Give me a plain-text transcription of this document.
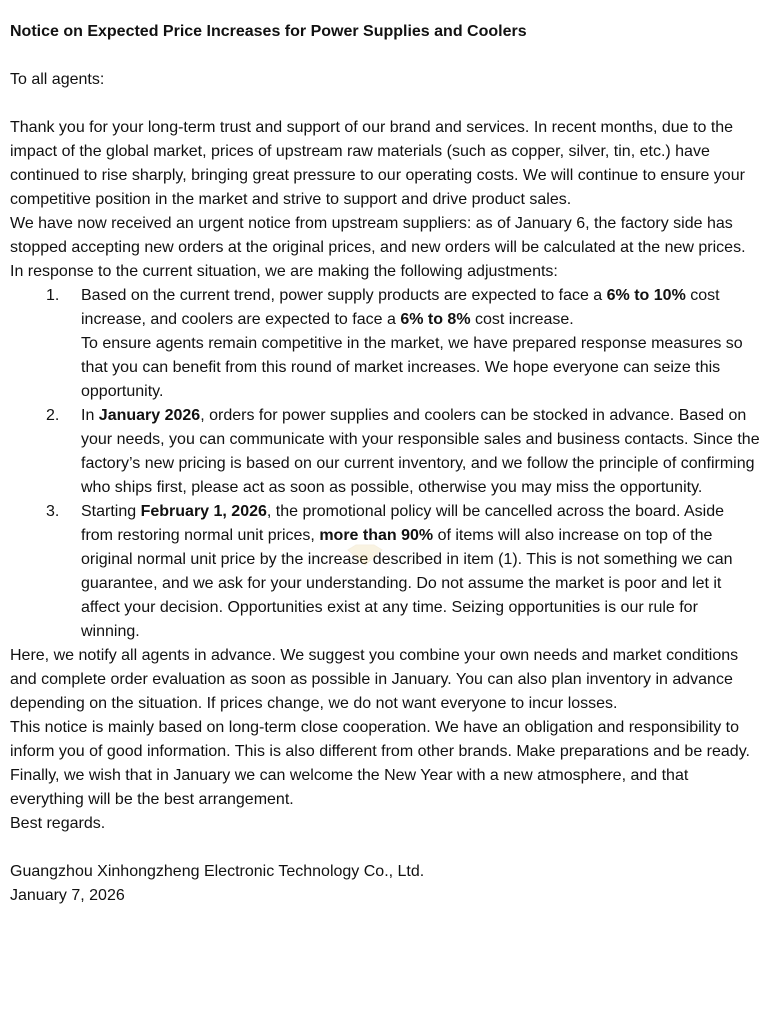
Notice on Expected Price Increases for Power Supplies and Coolers

To all agents:

Thank you for your long-term trust and support of our brand and services. In recent months, due to the impact of the global market, prices of upstream raw materials (such as copper, silver, tin, etc.) have continued to rise sharply, bringing great pressure to our operating costs. We will continue to ensure your competitive position in the market and strive to support and drive product sales.

We have now received an urgent notice from upstream suppliers: as of January 6, the factory side has stopped accepting new orders at the original prices, and new orders will be calculated at the new prices. In response to the current situation, we are making the following adjustments:

1. Based on the current trend, power supply products are expected to face a 6% to 10% cost increase, and coolers are expected to face a 6% to 8% cost increase.
To ensure agents remain competitive in the market, we have prepared response measures so that you can benefit from this round of market increases. We hope everyone can seize this opportunity.
2. In January 2026, orders for power supplies and coolers can be stocked in advance. Based on your needs, you can communicate with your responsible sales and business contacts. Since the factory’s new pricing is based on our current inventory, and we follow the principle of confirming who ships first, please act as soon as possible, otherwise you may miss the opportunity.
3. Starting February 1, 2026, the promotional policy will be cancelled across the board. Aside from restoring normal unit prices, more than 90% of items will also increase on top of the original normal unit price by the increase described in item (1). This is not something we can guarantee, and we ask for your understanding. Do not assume the market is poor and let it affect your decision. Opportunities exist at any time. Seizing opportunities is our rule for winning.

Here, we notify all agents in advance. We suggest you combine your own needs and market conditions and complete order evaluation as soon as possible in January. You can also plan inventory in advance depending on the situation. If prices change, we do not want everyone to incur losses.

This notice is mainly based on long-term close cooperation. We have an obligation and responsibility to inform you of good information. This is also different from other brands. Make preparations and be ready. Finally, we wish that in January we can welcome the New Year with a new atmosphere, and that everything will be the best arrangement.

Best regards.

Guangzhou Xinhongzheng Electronic Technology Co., Ltd.

January 7, 2026
